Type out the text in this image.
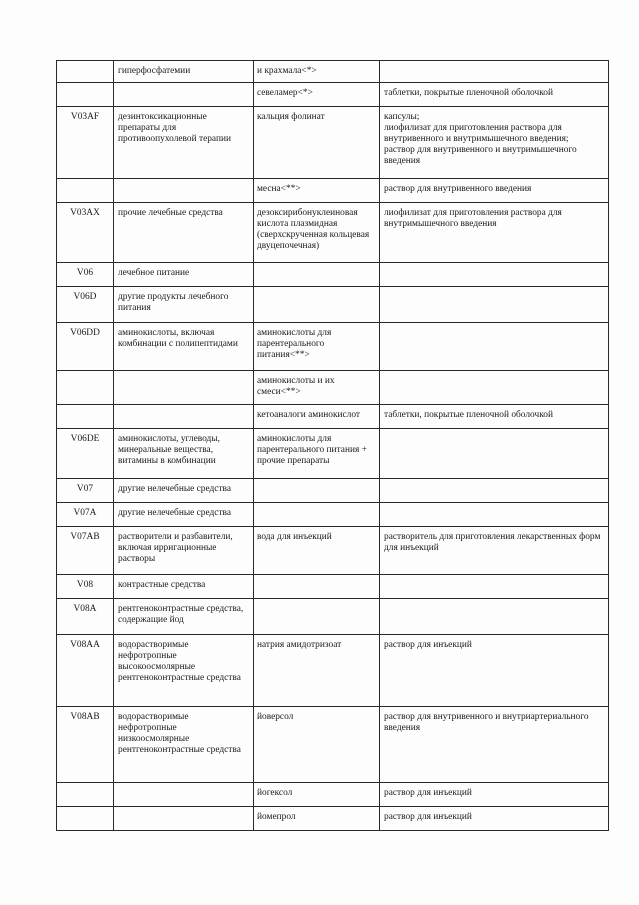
	гиперфосфатемии	и крахмала<*>	

		севеламер<*>	таблетки, покрытые пленочной оболочкой

V03AF	дезинтоксикационные препараты для противоопухолевой терапии	кальция фолинат	капсулы;
лиофилизат для приготовления раствора для внутривенного и внутримышечного введения;
раствор для внутривенного и внутримышечного введения

		месна<**>	раствор для внутривенного введения

V03AX	прочие лечебные средства	дезоксирибонуклеиновая кислота плазмидная (сверхскрученная кольцевая двуцепочечная)	лиофилизат для приготовления раствора для внутримышечного введения

V06	лечебное питание		

V06D	другие продукты лечебного питания		

V06DD	аминокислоты, включая комбинации с полипептидами	аминокислоты для парентерального питания<**>	

		аминокислоты и их смеси<**>	

		кетоаналоги аминокислот	таблетки, покрытые пленочной оболочкой

V06DE	аминокислоты, углеводы, минеральные вещества, витамины в комбинации	аминокислоты для парентерального питания + прочие препараты	

V07	другие нелечебные средства		

V07A	другие нелечебные средства		

V07AB	растворители и разбавители, включая ирригационные растворы	вода для инъекций	растворитель для приготовления лекарственных форм для инъекций

V08	контрастные средства		

V08A	рентгеноконтрастные средства, содержащие йод		

V08AA	водорастворимые нефротропные высокоосмолярные рентгеноконтрастные средства	натрия амидотризоат	раствор для инъекций

V08AB	водорастворимые нефротропные низкоосмолярные рентгеноконтрастные средства	йоверсол	раствор для внутривенного и внутриартериального введения

		йогексол	раствор для инъекций

		йомепрол	раствор для инъекций
